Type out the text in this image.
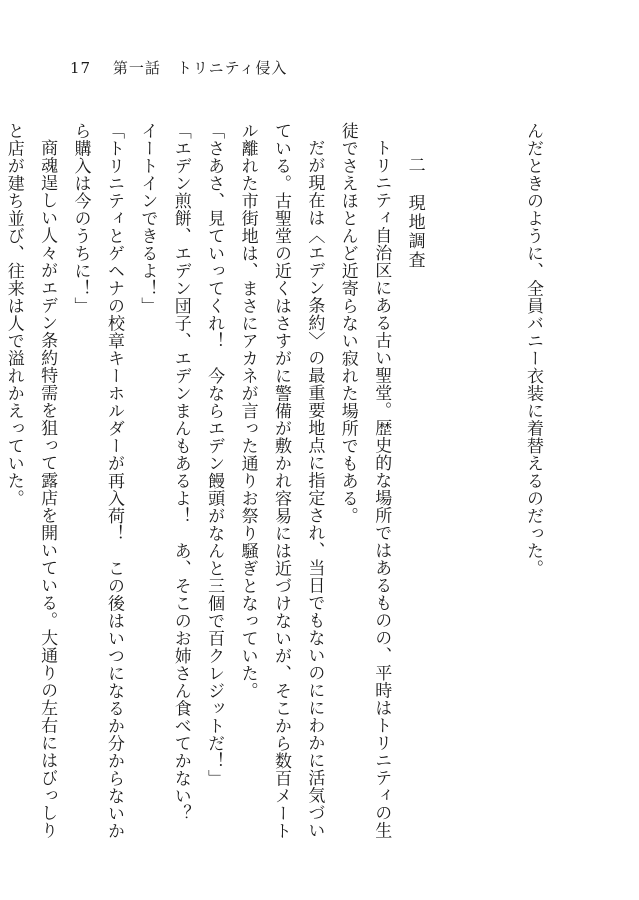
17 第一話　トリニティ侵入

んだときのように、全員バニー衣装に着替えるのだった。

二　現地調査

トリニティ自治区にある古い聖堂。歴史的な場所ではあるものの、平時はトリニティの生徒でさえほとんど近寄らない寂れた場所でもある。

だが現在は〈エデン条約〉の最重要地点に指定され、当日でもないのににわかに活気づいている。古聖堂の近くはさすがに警備が敷かれ容易には近づけないが、そこから数百メートル離れた市街地は、まさにアカネが言った通りお祭り騒ぎとなっていた。

「さあさ、見ていってくれ！　今ならエデン饅頭がなんと三個で百クレジットだ！」

「エデン煎餅、エデン団子、エデンまんもあるよ！　あ、そこのお姉さん食べてかない？　イートインできるよ！」

「トリニティとゲヘナの校章キーホルダーが再入荷！　この後はいつになるか分からないから購入は今のうちに！」

商魂逞しい人々がエデン条約特需を狙って露店を開いている。大通りの左右にはびっしりと店が建ち並び、往来は人で溢れかえっていた。
